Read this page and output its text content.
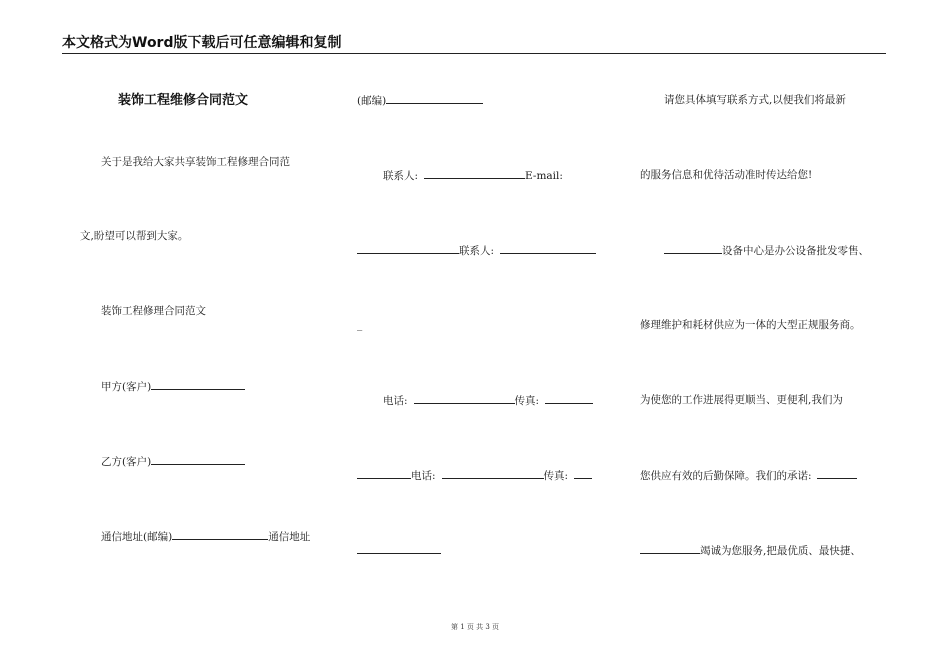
本文格式为Word版下载后可任意编辑和复制
装饰工程维修合同范文
关于是我给大家共享装饰工程修理合同范
文,盼望可以帮到大家。
装饰工程修理合同范文
甲方(客户)
乙方(客户)
通信地址(邮编)	通信地址
(邮编)
联系人:	E-mail:
联系人:
_
电话:	传真:
电话:	传真:
请您具体填写联系方式,以便我们将最新
的服务信息和优待活动准时传达给您!
设备中心是办公设备批发零售、
修理维护和耗材供应为一体的大型正规服务商。
为使您的工作进展得更顺当、更便利,我们为
您供应有效的后勤保障。我们的承诺:
竭诚为您服务,把最优质、最快捷、
第 1 页 共 3 页
